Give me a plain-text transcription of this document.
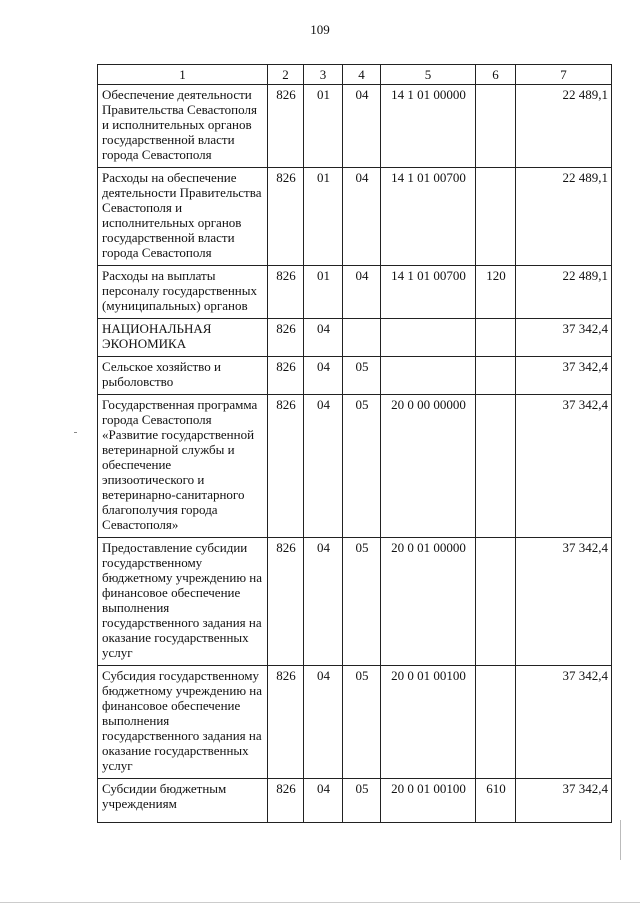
109
1	2	3	4	5	6	7
Обеспечение деятельности Правительства Севастополя и исполнительных органов государственной власти города Севастополя	826	01	04	14 1 01 00000		22 489,1
Расходы на обеспечение деятельности Правительства Севастополя и исполнительных органов государственной власти города Севастополя	826	01	04	14 1 01 00700		22 489,1
Расходы на выплаты персоналу государственных (муниципальных) органов	826	01	04	14 1 01 00700	120	22 489,1
НАЦИОНАЛЬНАЯ ЭКОНОМИКА	826	04				37 342,4
Сельское хозяйство и рыболовство	826	04	05			37 342,4
Государственная программа города Севастополя «Развитие государственной ветеринарной службы и обеспечение эпизоотического и ветеринарно-санитарного благополучия города Севастополя»	826	04	05	20 0 00 00000		37 342,4
Предоставление субсидии государственному бюджетному учреждению на финансовое обеспечение выполнения государственного задания на оказание государственных услуг	826	04	05	20 0 01 00000		37 342,4
Субсидия государственному бюджетному учреждению на финансовое обеспечение выполнения государственного задания на оказание государственных услуг	826	04	05	20 0 01 00100		37 342,4
Субсидии бюджетным учреждениям	826	04	05	20 0 01 00100	610	37 342,4
